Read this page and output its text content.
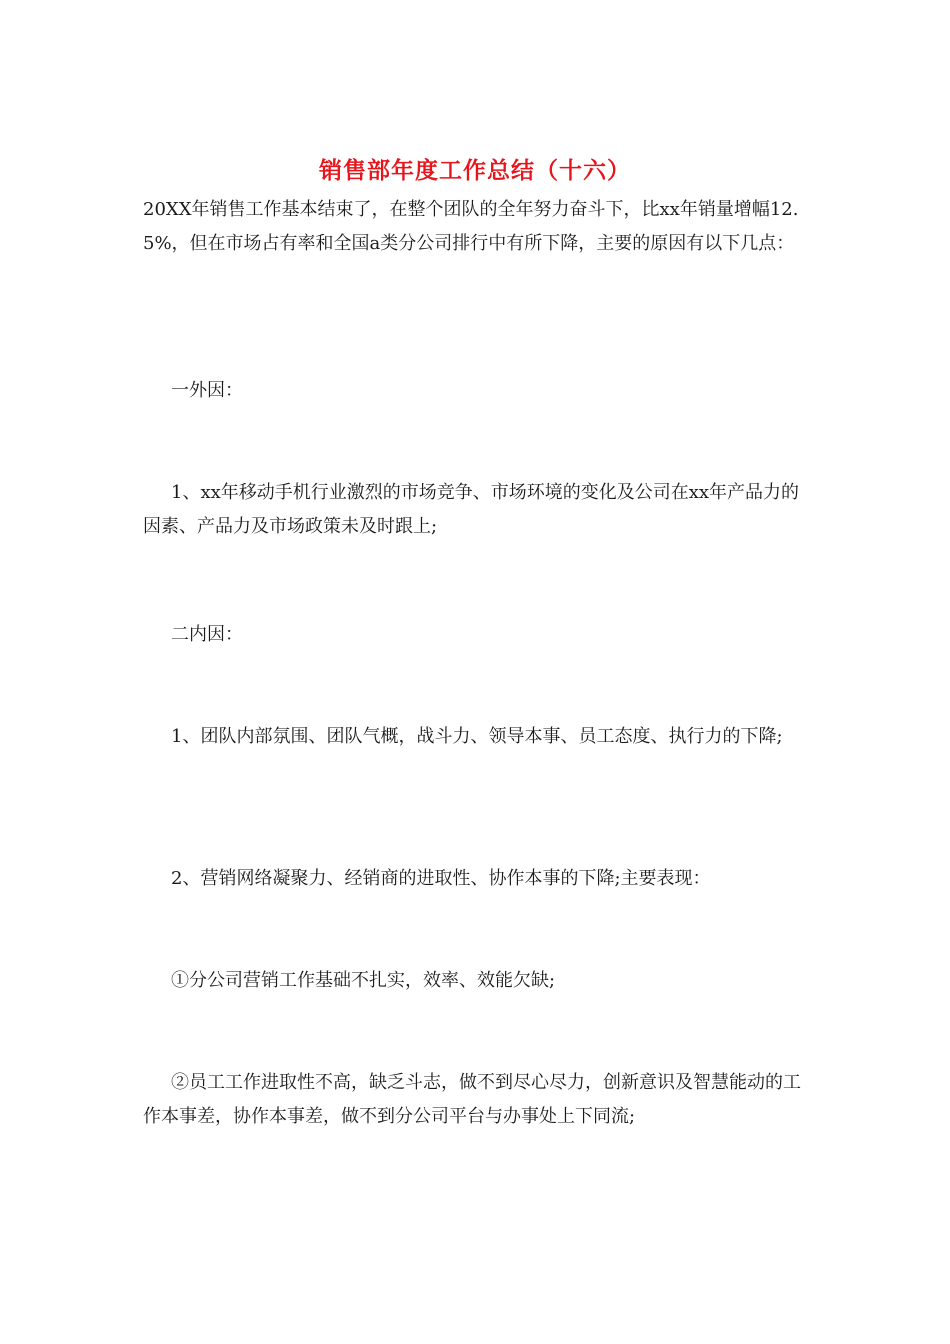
销售部年度工作总结（十六）

20XX年销售工作基本结束了，在整个团队的全年努力奋斗下，比xx年销量增幅12.5%，但在市场占有率和全国a类分公司排行中有所下降，主要的原因有以下几点：

一外因：

1、xx年移动手机行业激烈的市场竞争、市场环境的变化及公司在xx年产品力的因素、产品力及市场政策未及时跟上;

二内因：

1、团队内部氛围、团队气概，战斗力、领导本事、员工态度、执行力的下降;

2、营销网络凝聚力、经销商的进取性、协作本事的下降;主要表现：

①分公司营销工作基础不扎实，效率、效能欠缺;

②员工工作进取性不高，缺乏斗志，做不到尽心尽力，创新意识及智慧能动的工作本事差，协作本事差，做不到分公司平台与办事处上下同流;
